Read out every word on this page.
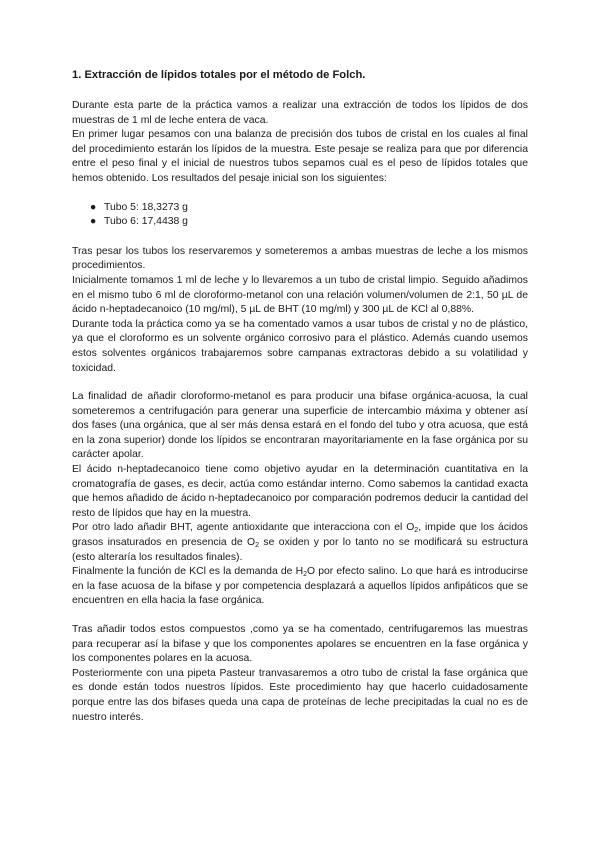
1. Extracción de lípidos totales por el método de Folch.

Durante esta parte de la práctica vamos a realizar una extracción de todos los lípidos de dos muestras de 1 ml de leche entera de vaca.

En primer lugar pesamos con una balanza de precisión dos tubos de cristal en los cuales al final del procedimiento estarán los lípidos de la muestra. Este pesaje se realiza para que por diferencia entre el peso final y el inicial de nuestros tubos sepamos cual es el peso de lípidos totales que hemos obtenido. Los resultados del pesaje inicial son los siguientes:

● Tubo 5: 18,3273 g
● Tubo 6: 17,4438 g

Tras pesar los tubos los reservaremos y someteremos a ambas muestras de leche a los mismos procedimientos.

Inicialmente tomamos 1 ml de leche y lo llevaremos a un tubo de cristal limpio. Seguido añadimos en el mismo tubo 6 ml de cloroformo-metanol con una relación volumen/volumen de 2:1, 50 µL de ácido n-heptadecanoico (10 mg/ml), 5 µL de BHT (10 mg/ml) y 300 µL de KCl al 0,88%.

Durante toda la práctica como ya se ha comentado vamos a usar tubos de cristal y no de plástico, ya que el cloroformo es un solvente orgánico corrosivo para el plástico. Además cuando usemos estos solventes orgánicos trabajaremos sobre campanas extractoras debido a su volatilidad y toxicidad.

La finalidad de añadir cloroformo-metanol es para producir una bifase orgánica-acuosa, la cual someteremos a centrifugación para generar una superficie de intercambio máxima y obtener así dos fases (una orgánica, que al ser más densa estará en el fondo del tubo y otra acuosa, que está en la zona superior) donde los lípidos se encontraran mayoritariamente en la fase orgánica por su carácter apolar.

El ácido n-heptadecanoico tiene como objetivo ayudar en la determinación cuantitativa en la cromatografía de gases, es decir, actúa como estándar interno. Como sabemos la cantidad exacta que hemos añadido de ácido n-heptadecanoico por comparación podremos deducir la cantidad del resto de lípidos que hay en la muestra.

Por otro lado añadir BHT, agente antioxidante que interacciona con el $O_2$, impide que los ácidos grasos insaturados en presencia de $O_2$ se oxiden y por lo tanto no se modificará su estructura (esto alteraría los resultados finales).

Finalmente la función de KCl es la demanda de $H_2O$ por efecto salino. Lo que hará es introducirse en la fase acuosa de la bifase y por competencia desplazará a aquellos lípidos anfipáticos que se encuentren en ella hacia la fase orgánica.

Tras añadir todos estos compuestos ,como ya se ha comentado, centrifugaremos las muestras para recuperar así la bifase y que los componentes apolares se encuentren en la fase orgánica y los componentes polares en la acuosa.

Posteriormente con una pipeta Pasteur tranvasaremos a otro tubo de cristal la fase orgánica que es donde están todos nuestros lípidos. Este procedimiento hay que hacerlo cuidadosamente porque entre las dos bifases queda una capa de proteínas de leche precipitadas la cual no es de nuestro interés.
